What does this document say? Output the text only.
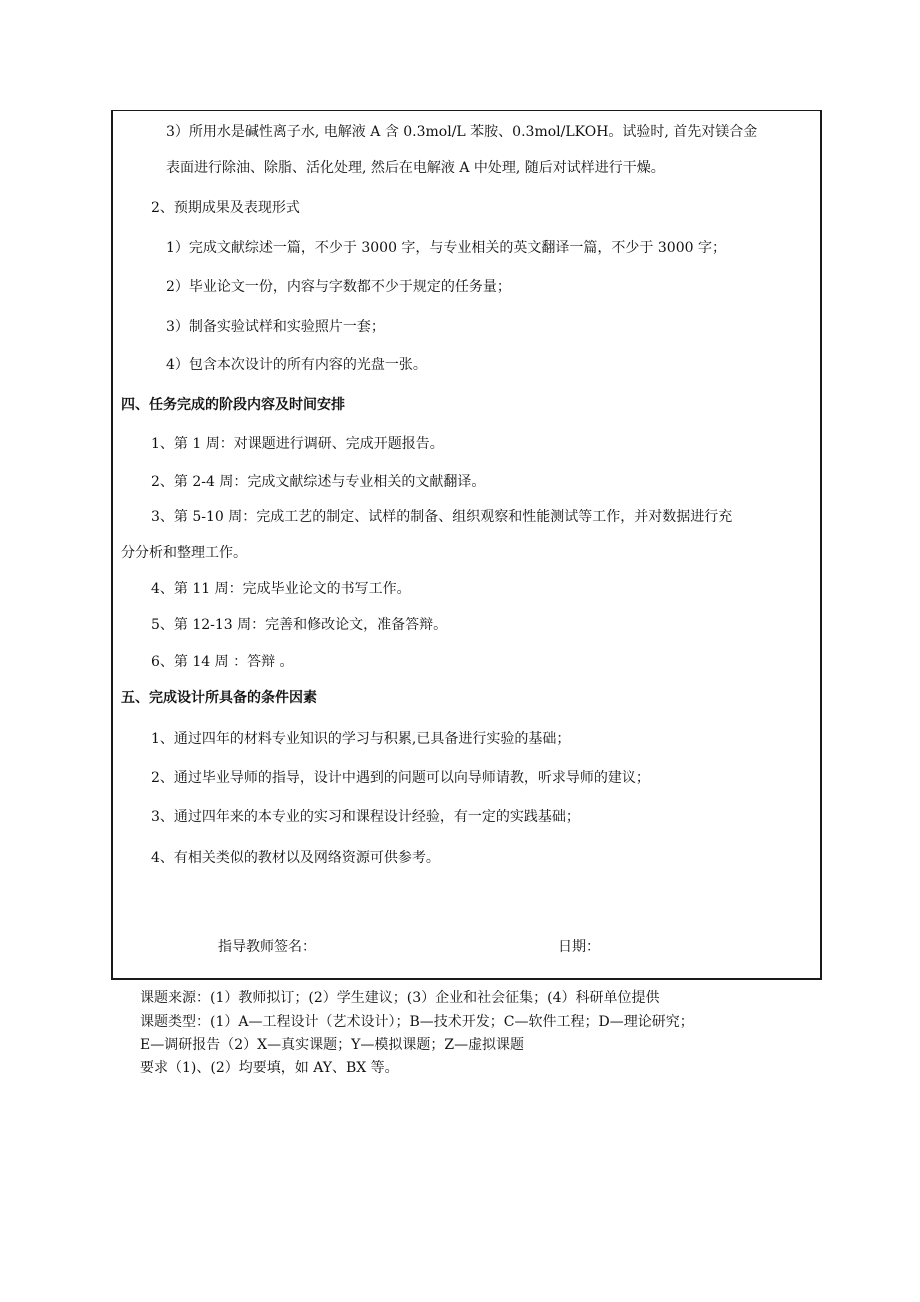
3）所用水是碱性离子水, 电解液 A 含 0.3mol/L 苯胺、0.3mol/LKOH。试验时, 首先对镁合金
表面进行除油、除脂、活化处理, 然后在电解液 A 中处理, 随后对试样进行干燥。
2、预期成果及表现形式
1）完成文献综述一篇，不少于 3000 字，与专业相关的英文翻译一篇，不少于 3000 字；
2）毕业论文一份，内容与字数都不少于规定的任务量；
3）制备实验试样和实验照片一套；
4）包含本次设计的所有内容的光盘一张。
四、任务完成的阶段内容及时间安排
1、第 1 周：对课题进行调研、完成开题报告。
2、第 2-4 周：完成文献综述与专业相关的文献翻译。
3、第 5-10 周：完成工艺的制定、试样的制备、组织观察和性能测试等工作，并对数据进行充
分分析和整理工作。
4、第 11 周：完成毕业论文的书写工作。
5、第 12-13 周：完善和修改论文，准备答辩。
6、第 14 周 ：答辩 。
五、完成设计所具备的条件因素
1、通过四年的材料专业知识的学习与积累,已具备进行实验的基础；
2、通过毕业导师的指导，设计中遇到的问题可以向导师请教，听求导师的建议；
3、通过四年来的本专业的实习和课程设计经验，有一定的实践基础；
4、有相关类似的教材以及网络资源可供参考。
指导教师签名：	日期：
课题来源：(1）教师拟订；(2）学生建议；(3）企业和社会征集；(4）科研单位提供
课题类型：(1）A—工程设计（艺术设计）；B—技术开发；C—软件工程；D—理论研究；
E—调研报告（2）X—真实课题；Y—模拟课题；Z—虚拟课题
要求（1)、(2）均要填，如 AY、BX 等。
